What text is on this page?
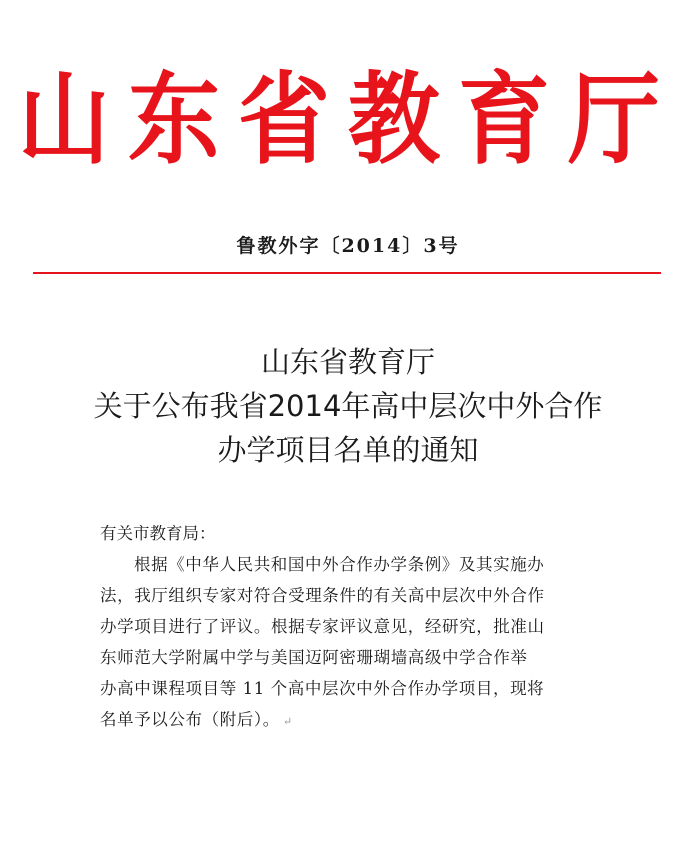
山东省教育厅
鲁教外字〔2014〕3号
山东省教育厅
关于公布我省2014年高中层次中外合作
办学项目名单的通知
有关市教育局：
根据《中华人民共和国中外合作办学条例》及其实施办
法，我厅组织专家对符合受理条件的有关高中层次中外合作
办学项目进行了评议。根据专家评议意见，经研究，批准山
东师范大学附属中学与美国迈阿密珊瑚墙高级中学合作举
办高中课程项目等 11 个高中层次中外合作办学项目，现将
名单予以公布（附后）。 ↵
